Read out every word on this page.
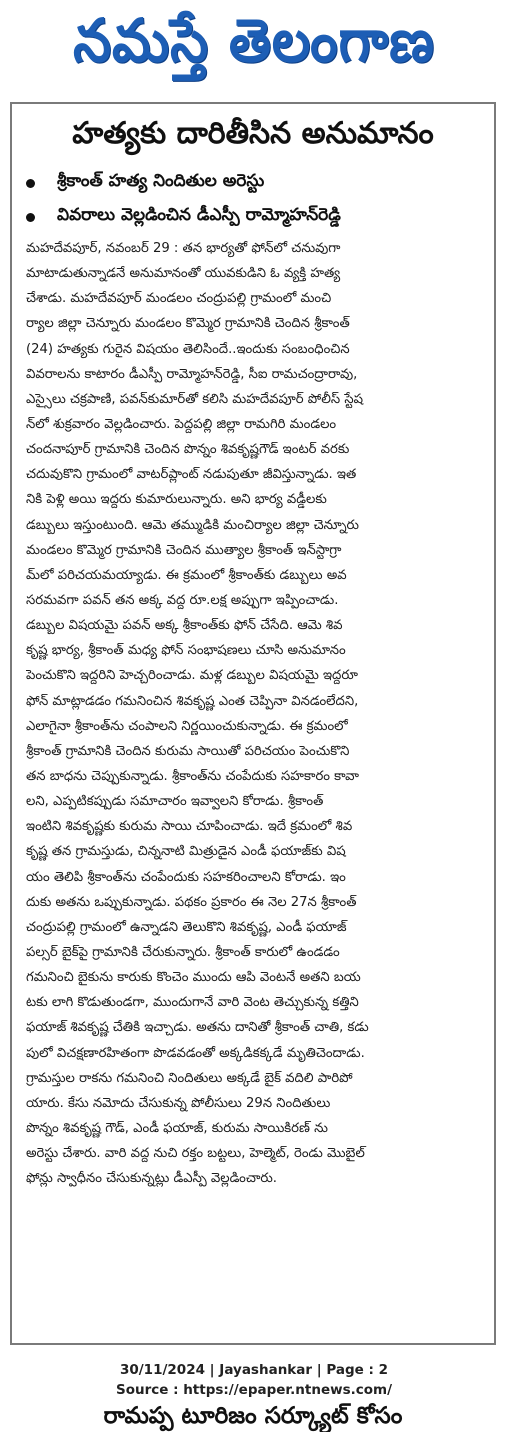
నమస్తే తెలంగాణ
హత్యకు దారితీసిన అనుమానం
శ్రీకాంత్ హత్య నిందితుల అరెస్టు
వివరాలు వెల్లడించిన డీఎస్పీ రామ్మోహన్‌రెడ్డి
మహదేవపూర్, నవంబర్ 29 : తన భార్యతో ఫోన్‌లో చనువుగా
మాటాడుతున్నాడనే అనుమానంతో యువకుడిని ఓ వ్యక్తి హత్య
చేశాడు. మహదేవపూర్ మండలం చంద్రుపల్లి గ్రామంలో మంచి
ర్యాల జిల్లా చెన్నూరు మండలం కొమ్మెర గ్రామానికి చెందిన శ్రీకాంత్
(24) హత్యకు గురైన విషయం తెలిసిందే..ఇందుకు సంబంధించిన
వివరాలను కాటారం డీఎస్పీ రామ్మోహన్‌రెడ్డి, సీఐ రామచంద్రారావు,
ఎస్సైలు చక్రపాణి, పవన్‌కుమార్‌తో కలిసి మహదేవపూర్ పోలీస్ స్టేష
న్‌లో శుక్రవారం వెల్లడించారు. పెద్దపల్లి జిల్లా రామగిరి మండలం
చందనాపూర్ గ్రామానికి చెందిన పొన్నం శివకృష్ణగౌడ్ ఇంటర్ వరకు
చదువుకొని గ్రామంలో వాటర్‌ప్లాంట్ నడుపుతూ జీవిస్తున్నాడు. ఇత
నికి పెళ్లి అయి ఇద్దరు కుమారులున్నారు. అని భార్య వడ్డీలకు
డబ్బులు ఇస్తుంటుంది. ఆమె తమ్ముడికి మంచిర్యాల జిల్లా చెన్నూరు
మండలం కొమ్మెర గ్రామానికి చెందిన ముత్యాల శ్రీకాంత్ ఇన్‌స్టాగ్రా
మ్‌లో పరిచయమయ్యాడు. ఈ క్రమంలో శ్రీకాంత్‌కు డబ్బులు అవ
సరమవగా పవన్ తన అక్క వద్ద రూ.లక్ష అప్పుగా ఇప్పించాడు.
డబ్బుల విషయమై పవన్ అక్క శ్రీకాంత్‌కు ఫోన్ చేసేది. ఆమె శివ
కృష్ణ భార్య, శ్రీకాంత్ మధ్య ఫోన్ సంభాషణలు చూసి అనుమానం
పెంచుకొని ఇద్దరిని హెచ్చరించాడు. మళ్ల డబ్బుల విషయమై ఇద్దరూ
ఫోన్ మాట్లాడడం గమనించిన శివకృష్ణ ఎంత చెప్పినా వినడంలేదని,
ఎలాగైనా శ్రీకాంత్‌ను చంపాలని నిర్ణయించుకున్నాడు. ఈ క్రమంలో
శ్రీకాంత్ గ్రామానికి చెందిన కురుమ సాయితో పరిచయం పెంచుకొని
తన బాధను చెప్పుకున్నాడు. శ్రీకాంత్‌ను చంపేదుకు సహకారం కావా
లని, ఎప్పటికప్పుడు సమాచారం ఇవ్వాలని కోరాడు. శ్రీకాంత్
ఇంటిని శివకృష్ణకు కురుమ సాయి చూపించాడు. ఇదే క్రమంలో శివ
కృష్ణ తన గ్రామస్తుడు, చిన్ననాటి మిత్రుడైన ఎండీ ఫయాజ్‌కు విష
యం తెలిపి శ్రీకాంత్‌ను చంపేందుకు సహకరించాలని కోరాడు. ఇం
దుకు అతను ఒప్పుకున్నాడు. పథకం ప్రకారం ఈ నెల 27న శ్రీకాంత్
చంద్రుపల్లి గ్రామంలో ఉన్నాడని తెలుకొని శివకృష్ణ, ఎండీ ఫయాజ్
పల్సర్ బైక్‌పై గ్రామానికి చేరుకున్నారు. శ్రీకాంత్ కారులో ఉండడం
గమనించి బైకును కారుకు కొంచెం ముందు ఆపి వెంటనే అతని బయ
టకు లాగి కొడుతుండగా, ముందుగానే వారి వెంట తెచ్చుకున్న కత్తిని
ఫయాజ్ శివకృష్ణ చేతికి ఇచ్చాడు. అతను దానితో శ్రీకాంత్ చాతి, కడు
పులో విచక్షణారహితంగా పొడవడంతో అక్కడికక్కడే మృతిచెందాడు.
గ్రామస్తుల రాకను గమనించి నిందితులు అక్కడే బైక్ వదిలి పారిపో
యారు. కేసు నమోదు చేసుకున్న పోలీసులు 29న నిందితులు
పొన్నం శివకృష్ణ గౌడ్, ఎండీ ఫయాజ్, కురుమ సాయికిరణ్ ను
అరెస్టు చేశారు. వారి వద్ద నుచి రక్తం బట్టలు, హెల్మెట్, రెండు మొబైల్
ఫోన్లు స్వాధీనం చేసుకున్నట్లు డీఎస్పీ వెల్లడించారు.
రామప్ప టూరిజం సర్క్యూట్ కోసం
30/11/2024 | Jayashankar | Page : 2
Source : https://epaper.ntnews.com/
